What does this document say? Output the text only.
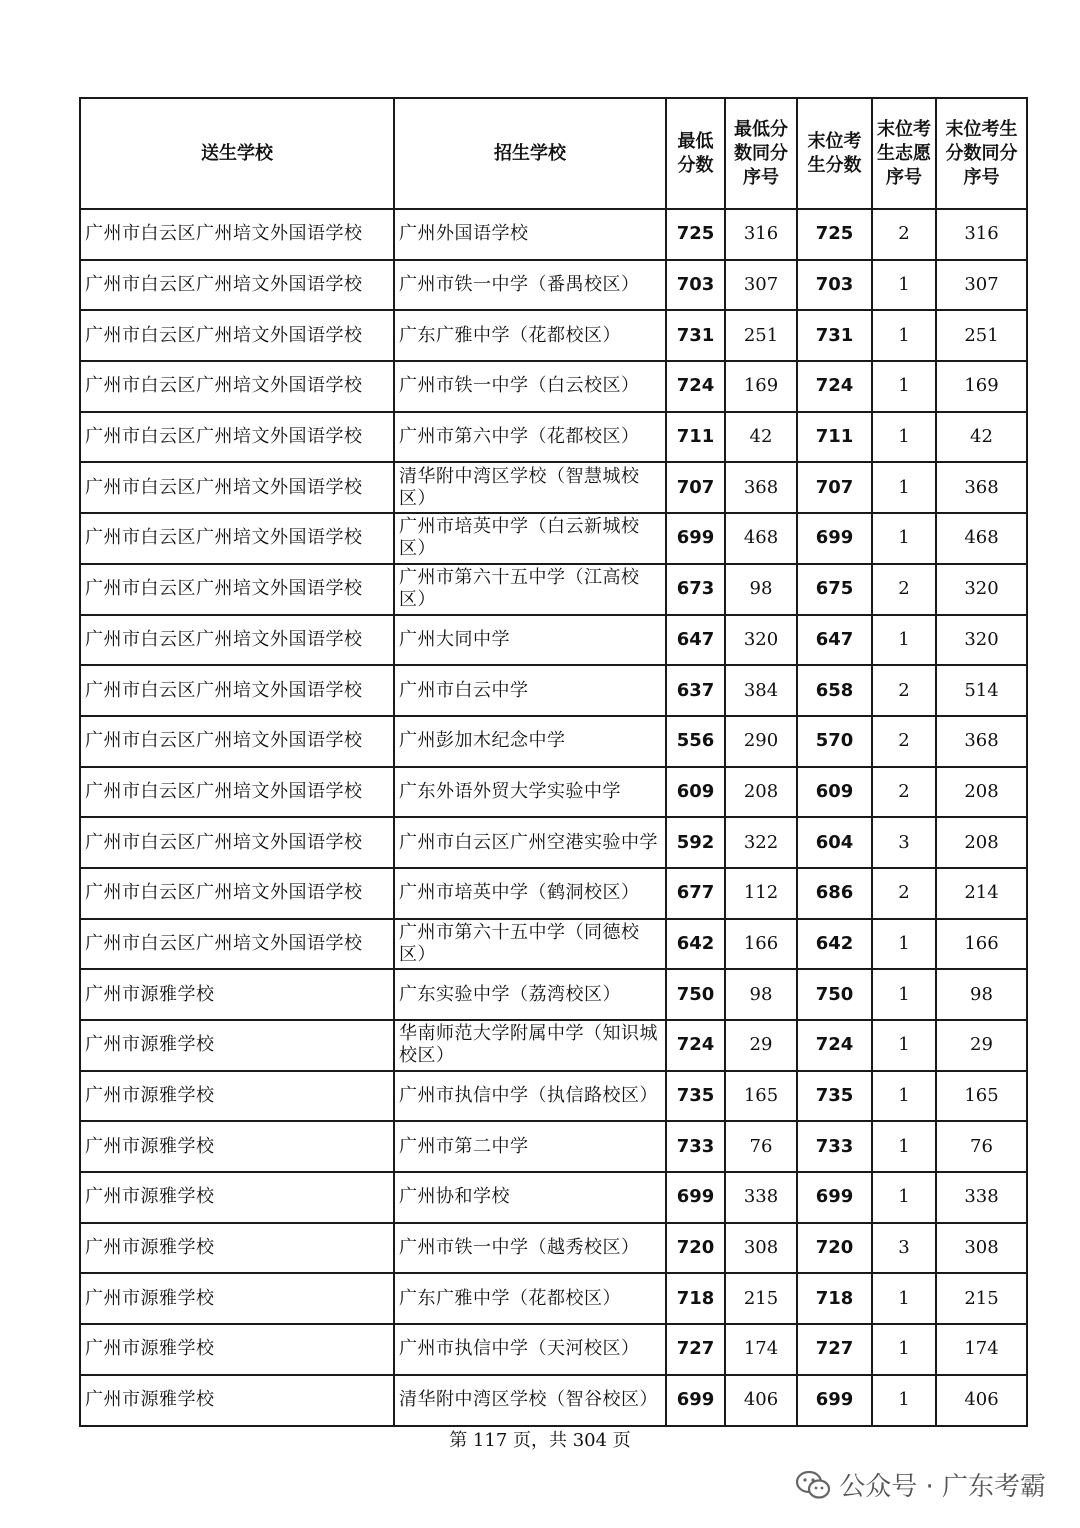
送生学校	招生学校	最低分数	最低分数同分序号	末位考生分数	末位考生志愿序号	末位考生分数同分序号
广州市白云区广州培文外国语学校	广州外国语学校	725	316	725	2	316
广州市白云区广州培文外国语学校	广州市铁一中学（番禺校区）	703	307	703	1	307
广州市白云区广州培文外国语学校	广东广雅中学（花都校区）	731	251	731	1	251
广州市白云区广州培文外国语学校	广州市铁一中学（白云校区）	724	169	724	1	169
广州市白云区广州培文外国语学校	广州市第六中学（花都校区）	711	42	711	1	42
广州市白云区广州培文外国语学校	清华附中湾区学校（智慧城校区）	707	368	707	1	368
广州市白云区广州培文外国语学校	广州市培英中学（白云新城校区）	699	468	699	1	468
广州市白云区广州培文外国语学校	广州市第六十五中学（江高校区）	673	98	675	2	320
广州市白云区广州培文外国语学校	广州大同中学	647	320	647	1	320
广州市白云区广州培文外国语学校	广州市白云中学	637	384	658	2	514
广州市白云区广州培文外国语学校	广州彭加木纪念中学	556	290	570	2	368
广州市白云区广州培文外国语学校	广东外语外贸大学实验中学	609	208	609	2	208
广州市白云区广州培文外国语学校	广州市白云区广州空港实验中学	592	322	604	3	208
广州市白云区广州培文外国语学校	广州市培英中学（鹤洞校区）	677	112	686	2	214
广州市白云区广州培文外国语学校	广州市第六十五中学（同德校区）	642	166	642	1	166
广州市源雅学校	广东实验中学（荔湾校区）	750	98	750	1	98
广州市源雅学校	华南师范大学附属中学（知识城校区）	724	29	724	1	29
广州市源雅学校	广州市执信中学（执信路校区）	735	165	735	1	165
广州市源雅学校	广州市第二中学	733	76	733	1	76
广州市源雅学校	广州协和学校	699	338	699	1	338
广州市源雅学校	广州市铁一中学（越秀校区）	720	308	720	3	308
广州市源雅学校	广东广雅中学（花都校区）	718	215	718	1	215
广州市源雅学校	广州市执信中学（天河校区）	727	174	727	1	174
广州市源雅学校	清华附中湾区学校（智谷校区）	699	406	699	1	406
第 117 页，共 304 页
公众号 · 广东考霸
